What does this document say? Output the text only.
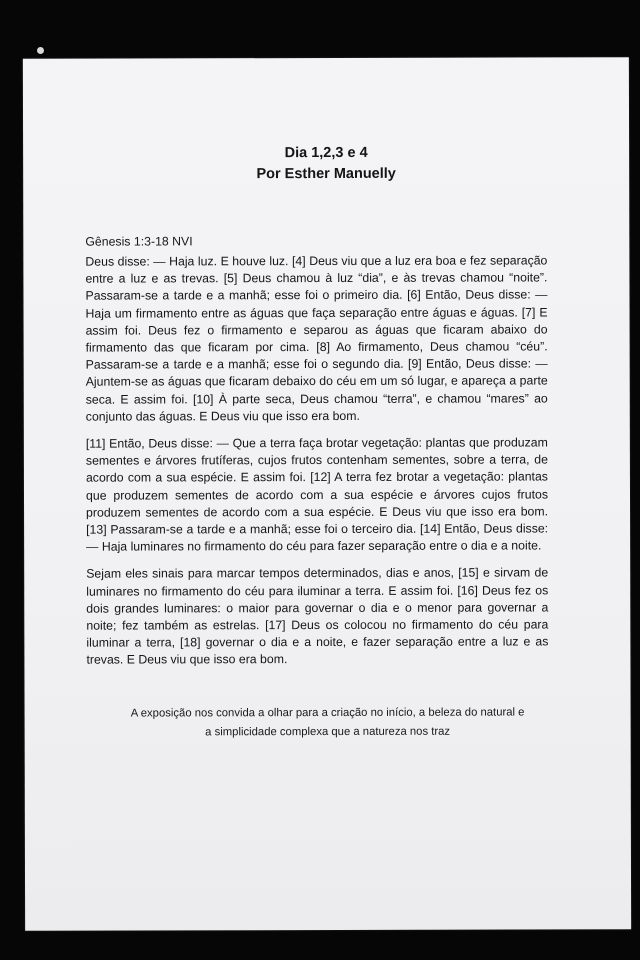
Dia 1,2,3 e 4
Por Esther Manuelly
Gênesis 1:3-18 NVI

Deus disse: — Haja luz. E houve luz. [4] Deus viu que a luz era boa e fez separação entre a luz e as trevas. [5] Deus chamou à luz “dia”, e às trevas chamou “noite”. Passaram-se a tarde e a manhã; esse foi o primeiro dia. [6] Então, Deus disse: — Haja um firmamento entre as águas que faça separação entre águas e águas. [7] E assim foi. Deus fez o firmamento e separou as águas que ficaram abaixo do firmamento das que ficaram por cima. [8] Ao firmamento, Deus chamou “céu”. Passaram-se a tarde e a manhã; esse foi o segundo dia. [9] Então, Deus disse: — Ajuntem-se as águas que ficaram debaixo do céu em um só lugar, e apareça a parte seca. E assim foi. [10] À parte seca, Deus chamou “terra”, e chamou “mares” ao conjunto das águas. E Deus viu que isso era bom.

[11] Então, Deus disse: — Que a terra faça brotar vegetação: plantas que produzam sementes e árvores frutíferas, cujos frutos contenham sementes, sobre a terra, de acordo com a sua espécie. E assim foi. [12] A terra fez brotar a vegetação: plantas que produzem sementes de acordo com a sua espécie e árvores cujos frutos produzem sementes de acordo com a sua espécie. E Deus viu que isso era bom. [13] Passaram-se a tarde e a manhã; esse foi o terceiro dia. [14] Então, Deus disse: — Haja luminares no firmamento do céu para fazer separação entre o dia e a noite.

Sejam eles sinais para marcar tempos determinados, dias e anos, [15] e sirvam de luminares no firmamento do céu para iluminar a terra. E assim foi. [16] Deus fez os dois grandes luminares: o maior para governar o dia e o menor para governar a noite; fez também as estrelas. [17] Deus os colocou no firmamento do céu para iluminar a terra, [18] governar o dia e a noite, e fazer separação entre a luz e as trevas. E Deus viu que isso era bom.

A exposição nos convida a olhar para a criação no início, a beleza do natural e
a simplicidade complexa que a natureza nos traz
